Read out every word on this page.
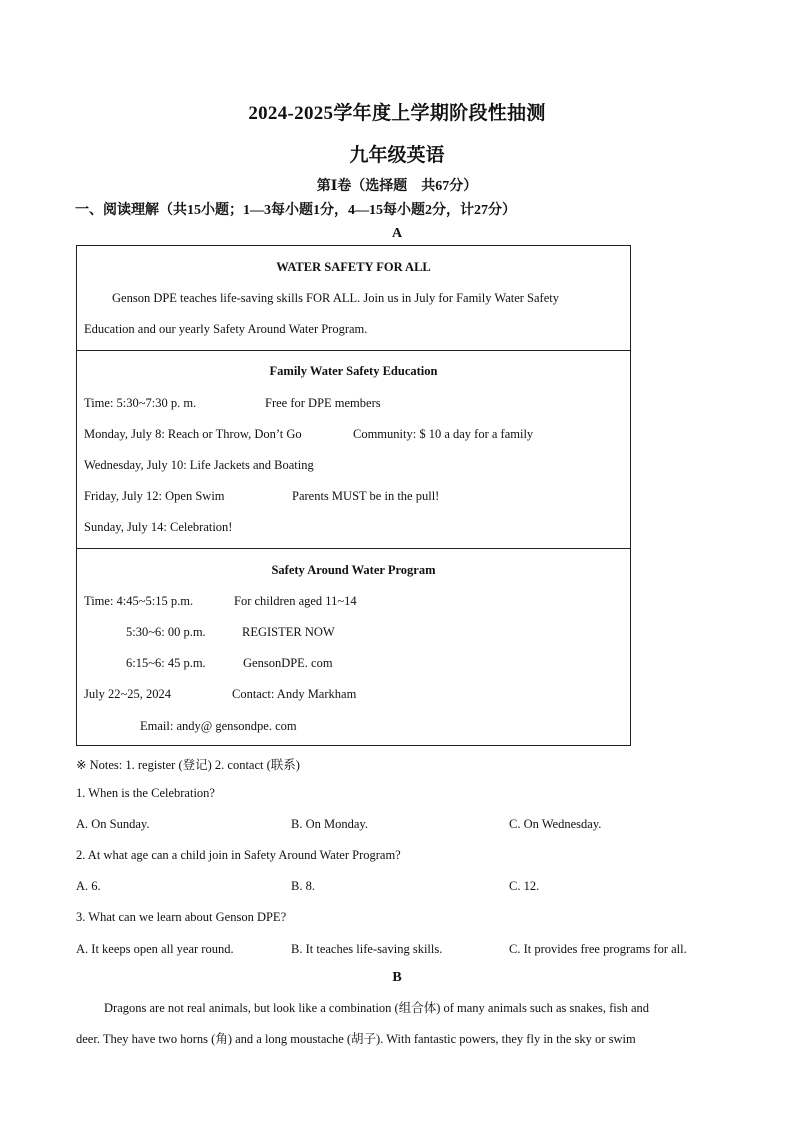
2024-2025学年度上学期阶段性抽测
九年级英语
第Ⅰ卷（选择题　共67分）
一、阅读理解（共15小题；1—3每小题1分，4—15每小题2分，计27分）
A
WATER SAFETY FOR ALL
Genson DPE teaches life-saving skills FOR ALL. Join us in July for Family Water Safety
Education and our yearly Safety Around Water Program.
Family Water Safety Education
Time: 5:30~7:30 p. m.	Free for DPE members
Monday, July 8: Reach or Throw, Don’t Go	Community: $ 10 a day for a family
Wednesday, July 10: Life Jackets and Boating
Friday, July 12: Open Swim	Parents MUST be in the pull!
Sunday, July 14: Celebration!
Safety Around Water Program
Time: 4:45~5:15 p.m.	For children aged 11~14
5:30~6: 00 p.m.	REGISTER NOW
6:15~6: 45 p.m.	GensonDPE. com
July 22~25, 2024	Contact: Andy Markham
Email: andy@ gensondpe. com
※ Notes: 1. register (登记) 2. contact (联系)
1. When is the Celebration?
A. On Sunday.	B. On Monday.	C. On Wednesday.
2. At what age can a child join in Safety Around Water Program?
A. 6.	B. 8.	C. 12.
3. What can we learn about Genson DPE?
A. It keeps open all year round.	B. It teaches life-saving skills.	C. It provides free programs for all.
B
Dragons are not real animals, but look like a combination (组合体) of many animals such as snakes, fish and
deer. They have two horns (角) and a long moustache (胡子). With fantastic powers, they fly in the sky or swim
